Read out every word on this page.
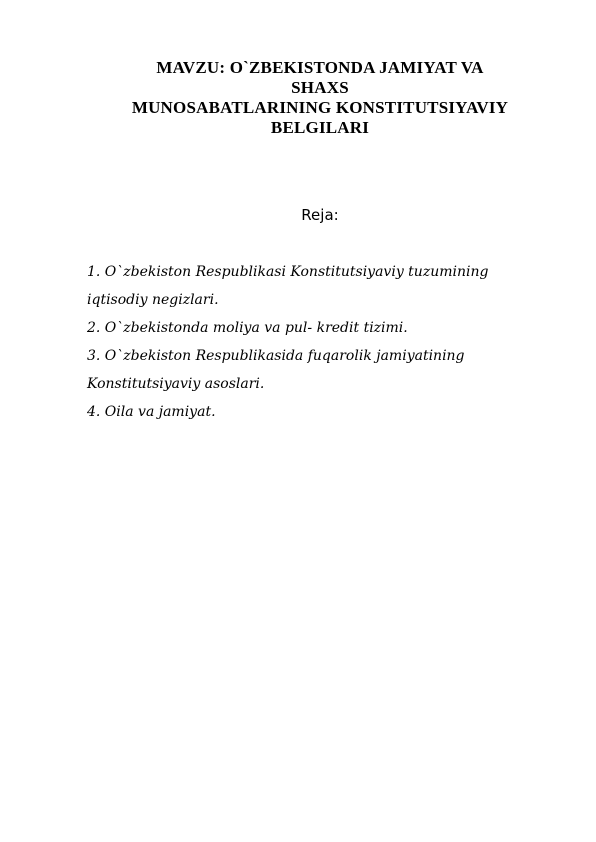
MAVZU: O`ZBEKISTONDA JAMIYAT VA
SHAXS
MUNOSABATLARINING KONSTITUTSIYAVIY
BELGILARI
Reja:
1. O`zbekiston Respublikasi Konstitutsiyaviy tuzumining
iqtisodiy negizlari.
2. O`zbekistonda moliya va pul- kredit tizimi.
3. O`zbekiston Respublikasida fuqarolik jamiyatining
Konstitutsiyaviy asoslari.
4. Oila va jamiyat.
